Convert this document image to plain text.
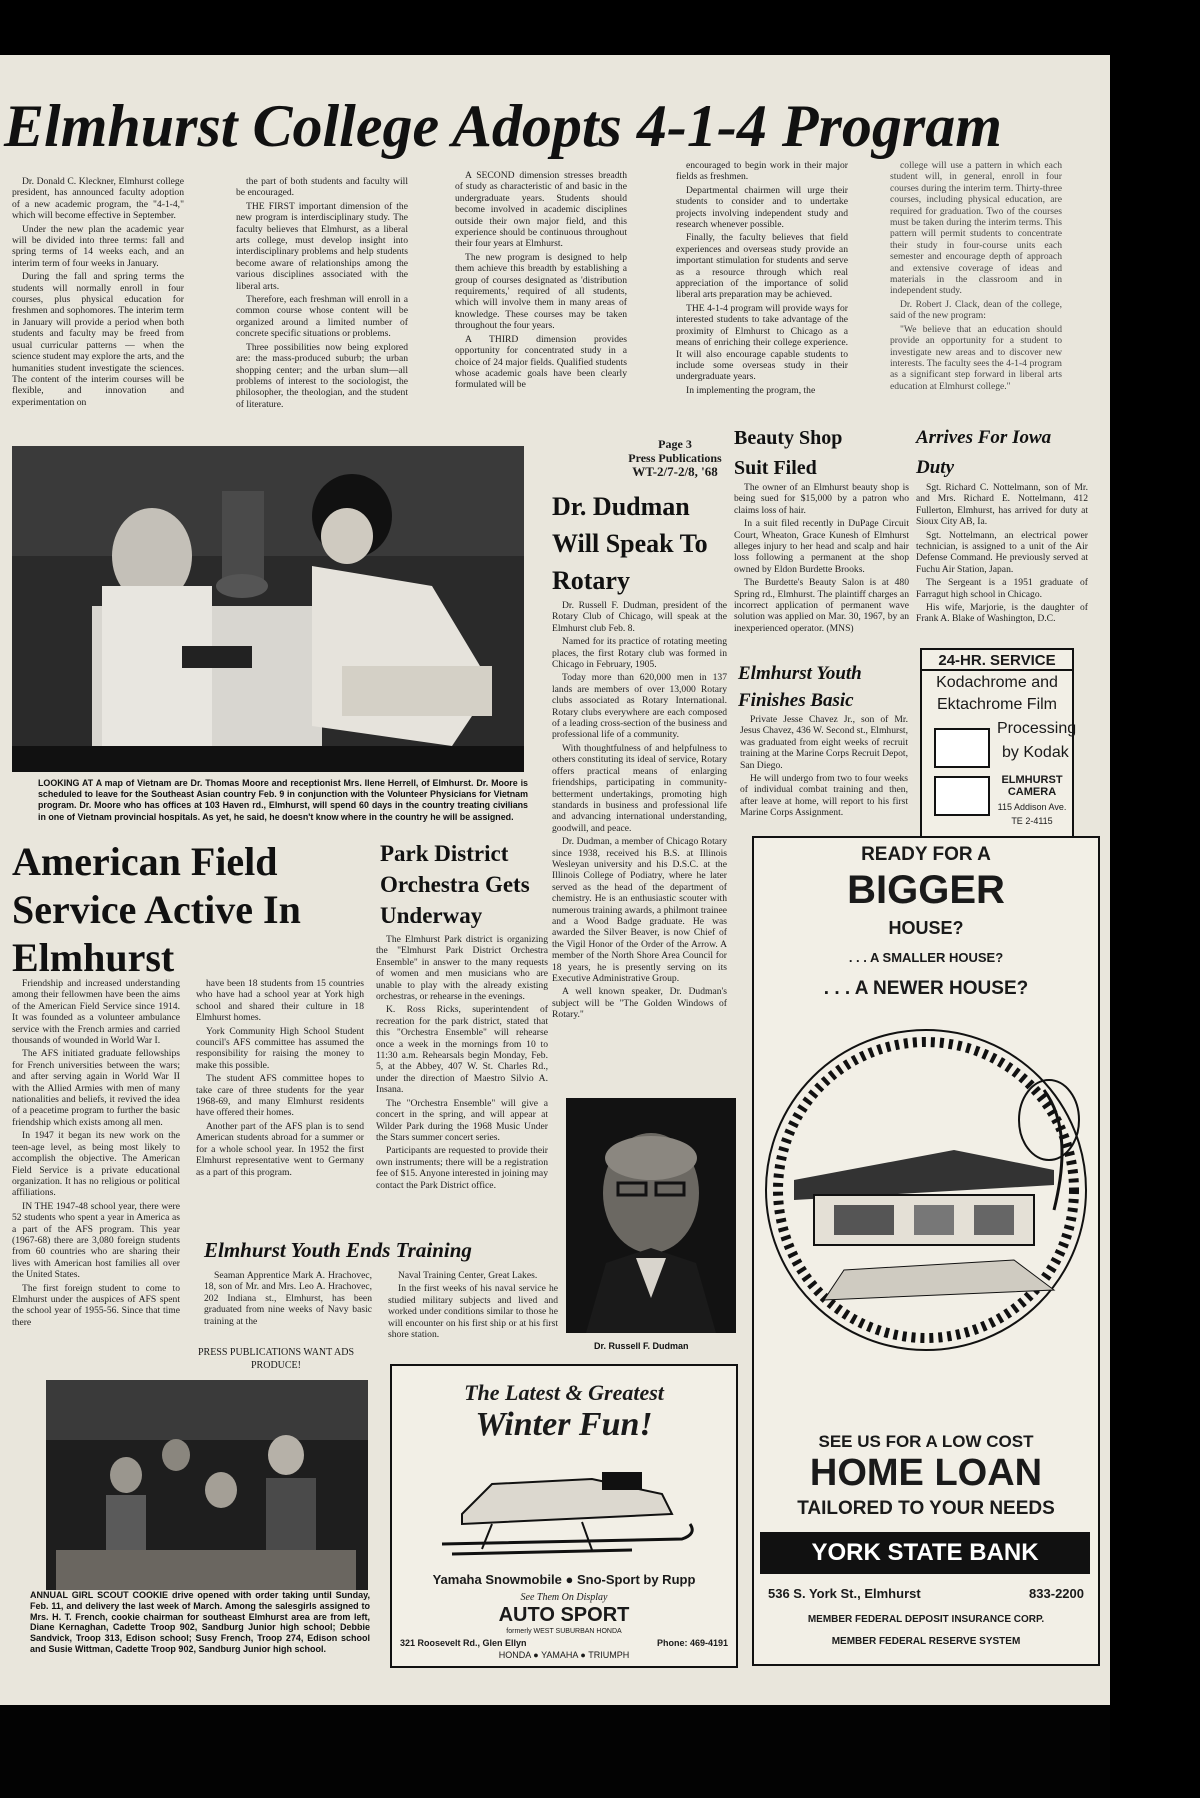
Elmhurst College Adopts 4-1-4 Program

Dr. Donald C. Kleckner, Elmhurst college president, has announced faculty adoption of a new academic program, the "4-1-4," which will become effective in September.

Under the new plan the academic year will be divided into three terms: fall and spring terms of 14 weeks each, and an interim term of four weeks in January.

During the fall and spring terms the students will normally enroll in four courses, plus physical education for freshmen and sophomores. The interim term in January will provide a period when both students and faculty may be freed from usual curricular patterns — when the science student may explore the arts, and the humanities student investigate the sciences. The content of the interim courses will be flexible, and innovation and experimentation on

the part of both students and faculty will be encouraged.

THE FIRST important dimension of the new program is interdisciplinary study. The faculty believes that Elmhurst, as a liberal arts college, must develop insight into interdisciplinary problems and help students become aware of relationships among the various disciplines associated with the liberal arts.

Therefore, each freshman will enroll in a common course whose content will be organized around a limited number of concrete specific situations or problems.

Three possibilities now being explored are: the mass-produced suburb; the urban shopping center; and the urban slum—all problems of interest to the sociologist, the philosopher, the theologian, and the student of literature.

A SECOND dimension stresses breadth of study as characteristic of and basic in the undergraduate years. Students should become involved in academic disciplines outside their own major field, and this experience should be continuous throughout their four years at Elmhurst.

The new program is designed to help them achieve this breadth by establishing a group of courses designated as 'distribution requirements,' required of all students, which will involve them in many areas of knowledge. These courses may be taken throughout the four years.

A THIRD dimension provides opportunity for concentrated study in a choice of 24 major fields. Qualified students whose academic goals have been clearly formulated will be

encouraged to begin work in their major fields as freshmen.

Departmental chairmen will urge their students to consider and to undertake projects involving independent study and research whenever possible.

Finally, the faculty believes that field experiences and overseas study provide an important stimulation for students and serve as a resource through which real appreciation of the importance of solid liberal arts preparation may be achieved.

THE 4-1-4 program will provide ways for interested students to take advantage of the proximity of Elmhurst to Chicago as a means of enriching their college experience. It will also encourage capable students to include some overseas study in their undergraduate years.

In implementing the program, the

college will use a pattern in which each student will, in general, enroll in four courses during the interim term. Thirty-three courses, including physical education, are required for graduation. Two of the courses must be taken during the interim terms. This pattern will permit students to concentrate their study in four-course units each semester and encourage depth of approach and extensive coverage of ideas and materials in the classroom and in independent study.

Dr. Robert J. Clack, dean of the college, said of the new program:

"We believe that an education should provide an opportunity for a student to investigate new areas and to discover new interests. The faculty sees the 4-1-4 program as a significant step forward in liberal arts education at Elmhurst college."

LOOKING AT A map of Vietnam are Dr. Thomas Moore and receptionist Mrs. Ilene Herrell, of Elmhurst. Dr. Moore is scheduled to leave for the Southeast Asian country Feb. 9 in conjunction with the Volunteer Physicians for Vietnam program. Dr. Moore who has offices at 103 Haven rd., Elmhurst, will spend 60 days in the country treating civilians in one of Vietnam provincial hospitals. As yet, he said, he doesn't know where in the country he will be assigned.
Page 3
Press Publications
WT-2/7-2/8, '68
Dr. Dudman Will Speak To Rotary

Dr. Russell F. Dudman, president of the Rotary Club of Chicago, will speak at the Elmhurst club Feb. 8.

Named for its practice of rotating meeting places, the first Rotary club was formed in Chicago in February, 1905.

Today more than 620,000 men in 137 lands are members of over 13,000 Rotary clubs associated as Rotary International. Rotary clubs everywhere are each composed of a leading cross-section of the business and professional life of a community.

With thoughtfulness of and helpfulness to others constituting its ideal of service, Rotary offers practical means of enlarging friendships, participating in community-betterment undertakings, promoting high standards in business and professional life and advancing international understanding, goodwill, and peace.

Dr. Dudman, a member of Chicago Rotary since 1938, received his B.S. at Illinois Wesleyan university and his D.S.C. at the Illinois College of Podiatry, where he later served as the head of the department of chemistry. He is an enthusiastic scouter with numerous training awards, a philmont trainee and a Wood Badge graduate. He was awarded the Silver Beaver, is now Chief of the Vigil Honor of the Order of the Arrow. A member of the North Shore Area Council for 18 years, he is presently serving on its Executive Administrative Group.

A well known speaker, Dr. Dudman's subject will be "The Golden Windows of Rotary."

Dr. Russell F. Dudman
Beauty Shop Suit Filed

The owner of an Elmhurst beauty shop is being sued for $15,000 by a patron who claims loss of hair.

In a suit filed recently in DuPage Circuit Court, Wheaton, Grace Kunesh of Elmhurst alleges injury to her head and scalp and hair loss following a permanent at the shop owned by Eldon Burdette Brooks.

The Burdette's Beauty Salon is at 480 Spring rd., Elmhurst. The plaintiff charges an incorrect application of permanent wave solution was applied on Mar. 30, 1967, by an inexperienced operator. (MNS)

Arrives For Iowa Duty

Sgt. Richard C. Nottelmann, son of Mr. and Mrs. Richard E. Nottelmann, 412 Fullerton, Elmhurst, has arrived for duty at Sioux City AB, Ia.

Sgt. Nottelmann, an electrical power technician, is assigned to a unit of the Air Defense Command. He previously served at Fuchu Air Station, Japan.

The Sergeant is a 1951 graduate of Farragut high school in Chicago.

His wife, Marjorie, is the daughter of Frank A. Blake of Washington, D.C.

Elmhurst Youth Finishes Basic

Private Jesse Chavez Jr., son of Mr. Jesus Chavez, 436 W. Second st., Elmhurst, was graduated from eight weeks of recruit training at the Marine Corps Recruit Depot, San Diego.

He will undergo from two to four weeks of individual combat training and then, after leave at home, will report to his first Marine Corps Assignment.

24-HR. SERVICE
Kodachrome and
Ektachrome Film
Processing
by Kodak
ELMHURST CAMERA
115 Addison Ave.
TE 2-4115
American Field Service Active In Elmhurst

Friendship and increased understanding among their fellowmen have been the aims of the American Field Service since 1914. It was founded as a volunteer ambulance service with the French armies and carried thousands of wounded in World War I.

The AFS initiated graduate fellowships for French universities between the wars; and after serving again in World War II with the Allied Armies with men of many nationalities and beliefs, it revived the idea of a peacetime program to further the basic friendship which exists among all men.

In 1947 it began its new work on the teen-age level, as being most likely to accomplish the objective. The American Field Service is a private educational organization. It has no religious or political affiliations.

IN THE 1947-48 school year, there were 52 students who spent a year in America as a part of the AFS program. This year (1967-68) there are 3,080 foreign students from 60 countries who are sharing their lives with American host families all over the United States.

The first foreign student to come to Elmhurst under the auspices of AFS spent the school year of 1955-56. Since that time there

have been 18 students from 15 countries who have had a school year at York high school and shared their culture in 18 Elmhurst homes.

York Community High School Student council's AFS committee has assumed the responsibility for raising the money to make this possible.

The student AFS committee hopes to take care of three students for the year 1968-69, and many Elmhurst residents have offered their homes.

Another part of the AFS plan is to send American students abroad for a summer or for a whole school year. In 1952 the first Elmhurst representative went to Germany as a part of this program.

Park District Orchestra Gets Underway

The Elmhurst Park district is organizing the "Elmhurst Park District Orchestra Ensemble" in answer to the many requests of women and men musicians who are unable to play with the already existing orchestras, or rehearse in the evenings.

K. Ross Ricks, superintendent of recreation for the park district, stated that this "Orchestra Ensemble" will rehearse once a week in the mornings from 10 to 11:30 a.m. Rehearsals begin Monday, Feb. 5, at the Abbey, 407 W. St. Charles Rd., under the direction of Maestro Silvio A. Insana.

The "Orchestra Ensemble" will give a concert in the spring, and will appear at Wilder Park during the 1968 Music Under the Stars summer concert series.

Participants are requested to provide their own instruments; there will be a registration fee of $15. Anyone interested in joining may contact the Park District office.

Elmhurst Youth Ends Training

Seaman Apprentice Mark A. Hrachovec, 18, son of Mr. and Mrs. Leo A. Hrachovec, 202 Indiana st., Elmhurst, has been graduated from nine weeks of Navy basic training at the

Naval Training Center, Great Lakes.

In the first weeks of his naval service he studied military subjects and lived and worked under conditions similar to those he will encounter on his first ship or at his first shore station.

PRESS PUBLICATIONS WANT ADS PRODUCE!
ANNUAL GIRL SCOUT COOKIE drive opened with order taking until Sunday, Feb. 11, and delivery the last week of March. Among the salesgirls assigned to Mrs. H. T. French, cookie chairman for southeast Elmhurst area are from left, Diane Kernaghan, Cadette Troop 902, Sandburg Junior high school; Debbie Sandvick, Troop 313, Edison school; Susy French, Troop 274, Edison school and Susie Wittman, Cadette Troop 902, Sandburg Junior high school.
The Latest & Greatest
Winter Fun!
Yamaha Snowmobile ● Sno-Sport by Rupp
See Them On Display
AUTO SPORT
formerly WEST SUBURBAN HONDA
321 Roosevelt Rd., Glen Ellyn	Phone: 469-4191
HONDA ● YAMAHA ● TRIUMPH
READY FOR A
BIGGER
HOUSE?
. . . A SMALLER HOUSE?
. . . A NEWER HOUSE?
SEE US FOR A LOW COST
HOME LOAN
TAILORED TO YOUR NEEDS
YORK STATE BANK
536 S. York St., Elmhurst	833-2200
MEMBER FEDERAL DEPOSIT INSURANCE CORP.
MEMBER FEDERAL RESERVE SYSTEM
